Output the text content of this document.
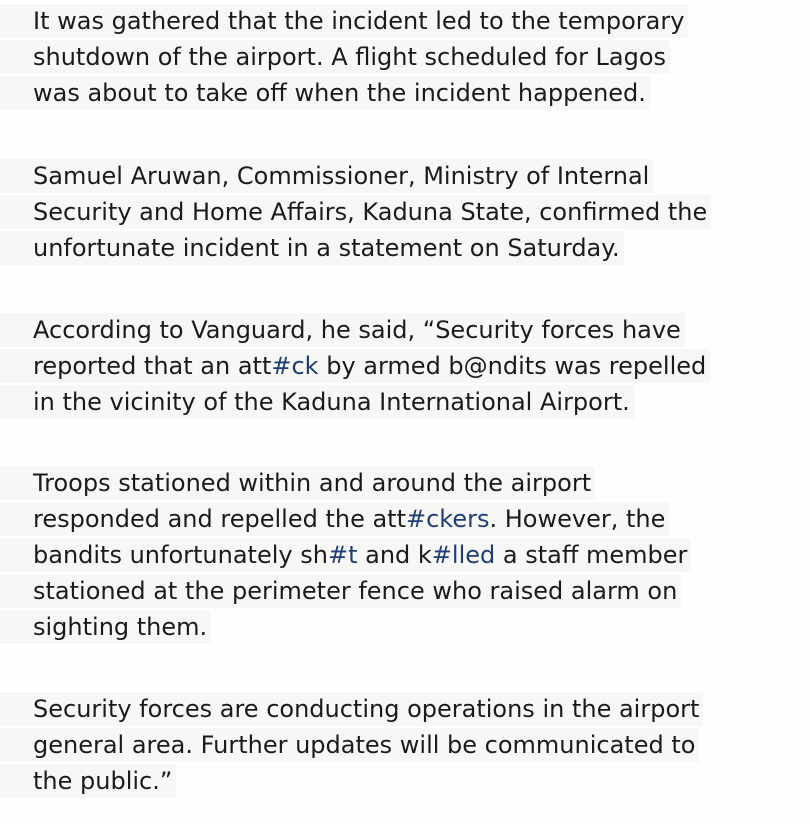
It was gathered that the incident led to the temporary
shutdown of the airport. A flight scheduled for Lagos
was about to take off when the incident happened.
Samuel Aruwan, Commissioner, Ministry of Internal
Security and Home Affairs, Kaduna State, confirmed the
unfortunate incident in a statement on Saturday.
According to Vanguard, he said, “Security forces have
reported that an att#ck by armed b@ndits was repelled
in the vicinity of the Kaduna International Airport.
Troops stationed within and around the airport
responded and repelled the att#ckers. However, the
bandits unfortunately sh#t and k#lled a staff member
stationed at the perimeter fence who raised alarm on
sighting them.
Security forces are conducting operations in the airport
general area. Further updates will be communicated to
the public.”
